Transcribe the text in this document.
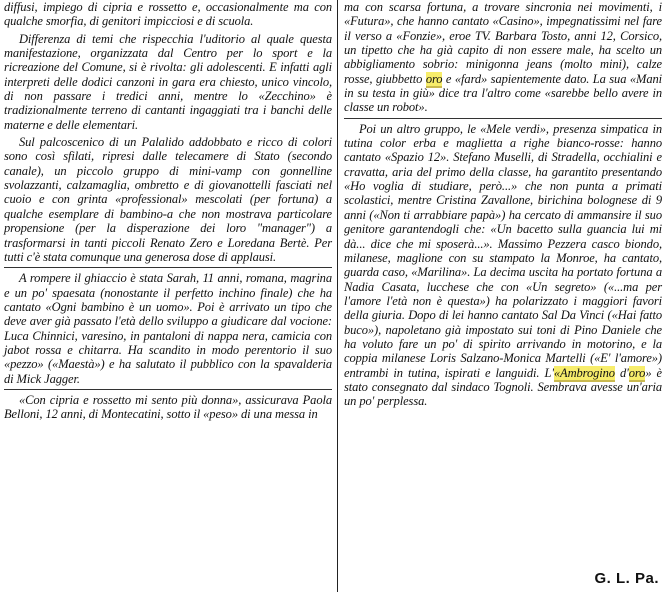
diffusi, impiego di cipria e rossetto e, occasionalmente ma con qualche smorfia, di genitori impicciosi e di scuola.

Differenza di temi che rispecchia l'uditorio al quale questa manifestazione, organizzata dal Centro per lo sport e la ricreazione del Comune, si è rivolta: gli adolescenti. E infatti agli interpreti delle dodici canzoni in gara era chiesto, unico vincolo, di non passare i tredici anni, mentre lo «Zecchino» è tradizionalmente terreno di cantanti ingaggiati tra i banchi delle materne e delle elementari.

Sul palcoscenico di un Palalido addobbato e ricco di colori sono così sfilati, ripresi dalle telecamere di Stato (secondo canale), un piccolo gruppo di mini-vamp con gonnelline svolazzanti, calzamaglia, ombretto e di giovanottelli fasciati nel cuoio e con grinta «professional» mescolati (per fortuna) a qualche esemplare di bambino-a che non mostrava particolare propensione (per la disperazione dei loro "manager") a trasformarsi in tanti piccoli Renato Zero e Loredana Bertè. Per tutti c'è stata comunque una generosa dose di applausi.

A rompere il ghiaccio è stata Sarah, 11 anni, romana, magrina e un po' spaesata (nonostante il perfetto inchino finale) che ha cantato «Ogni bambino è un uomo». Poi è arrivato un tipo che deve aver già passato l'età dello sviluppo a giudicare dal vocione: Luca Chinnici, varesino, in pantaloni di nappa nera, camicia con jabot rossa e chitarra. Ha scandito in modo perentorio il suo «pezzo» («Maestà») e ha salutato il pubblico con la spavalderia di Mick Jagger.

«Con cipria e rossetto mi sento più donna», assicurava Paola Belloni, 12 anni, di Montecatini, sotto il «peso» di una messa in

ma con scarsa fortuna, a trovare sincronia nei movimenti, i «Futura», che hanno cantato «Casino», impegnatissimi nel fare il verso a «Fonzie», eroe TV. Barbara Tosto, anni 12, Corsico, un tipetto che ha già capito di non essere male, ha scelto un abbigliamento sobrio: minigonna jeans (molto mini), calze rosse, giubbetto oro e «fard» sapientemente dato. La sua «Mani in su testa in giù» dice tra l'altro come «sarebbe bello avere in classe un robot».

Poi un altro gruppo, le «Mele verdi», presenza simpatica in tutina color erba e maglietta a righe bianco-rosse: hanno cantato «Spazio 12». Stefano Muselli, di Stradella, occhialini e cravatta, aria del primo della classe, ha garantito presentando «Ho voglia di studiare, però...» che non punta a primati scolastici, mentre Cristina Zavallone, birichina bolognese di 9 anni («Non ti arrabbiare papà») ha cercato di ammansire il suo genitore garantendogli che: «Un bacetto sulla guancia lui mi dà... dice che mi sposerà...». Massimo Pezzera casco biondo, milanese, maglione con su stampato la Monroe, ha cantato, guarda caso, «Marilina». La decima uscita ha portato fortuna a Nadia Casata, lucchese che con «Un segreto» («...ma per l'amore l'età non è questa») ha polarizzato i maggiori favori della giuria. Dopo di lei hanno cantato Sal Da Vinci («Hai fatto buco»), napoletano già impostato sui toni di Pino Daniele che ha voluto fare un po' di spirito arrivando in motorino, e la coppia milanese Loris Salzano-Monica Martelli («E' l'amore») entrambi in tutina, ispirati e languidi. L'«Ambrogino d'oro» è stato consegnato dal sindaco Tognoli. Sembrava avesse un'aria un po' perplessa.

G. L. Pa.
